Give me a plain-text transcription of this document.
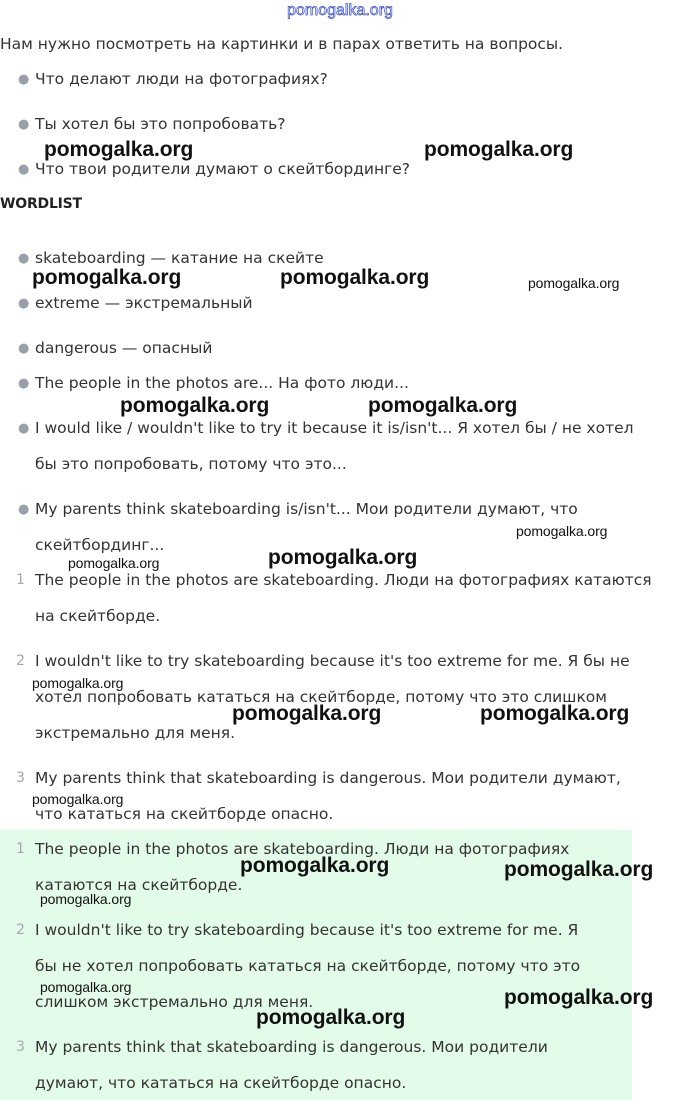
pomogalka.org
Нам нужно посмотреть на картинки и в парах ответить на вопросы.
● Что делают люди на фотографиях?
● Ты хотел бы это попробовать?
● Что твои родители думают о скейтбординге?
WORDLIST
● skateboarding — катание на скейте
● extreme — экстремальный
● dangerous — опасный
● The people in the photos are... На фото люди...
● I would like / wouldn't like to try it because it is/isn't... Я хотел бы / не хотел
бы это попробовать, потому что это...
● My parents think skateboarding is/isn't... Мои родители думают, что
скейтбординг...
1 The people in the photos are skateboarding. Люди на фотографиях катаются
на скейтборде.
2 I wouldn't like to try skateboarding because it's too extreme for me. Я бы не
хотел попробовать кататься на скейтборде, потому что это слишком
экстремально для меня.
3 My parents think that skateboarding is dangerous. Мои родители думают,
что кататься на скейтборде опасно.
1 The people in the photos are skateboarding. Люди на фотографиях
катаются на скейтборде.
2 I wouldn't like to try skateboarding because it's too extreme for me. Я
бы не хотел попробовать кататься на скейтборде, потому что это
слишком экстремально для меня.
3 My parents think that skateboarding is dangerous. Мои родители
думают, что кататься на скейтборде опасно.
pomogalka.org	pomogalka.org
pomogalka.org	pomogalka.org	pomogalka.org
pomogalka.org	pomogalka.org
pomogalka.org
pomogalka.org
pomogalka.org
pomogalka.org
pomogalka.org	pomogalka.org
pomogalka.org
pomogalka.org	pomogalka.org
pomogalka.org
pomogalka.org	pomogalka.org
pomogalka.org
